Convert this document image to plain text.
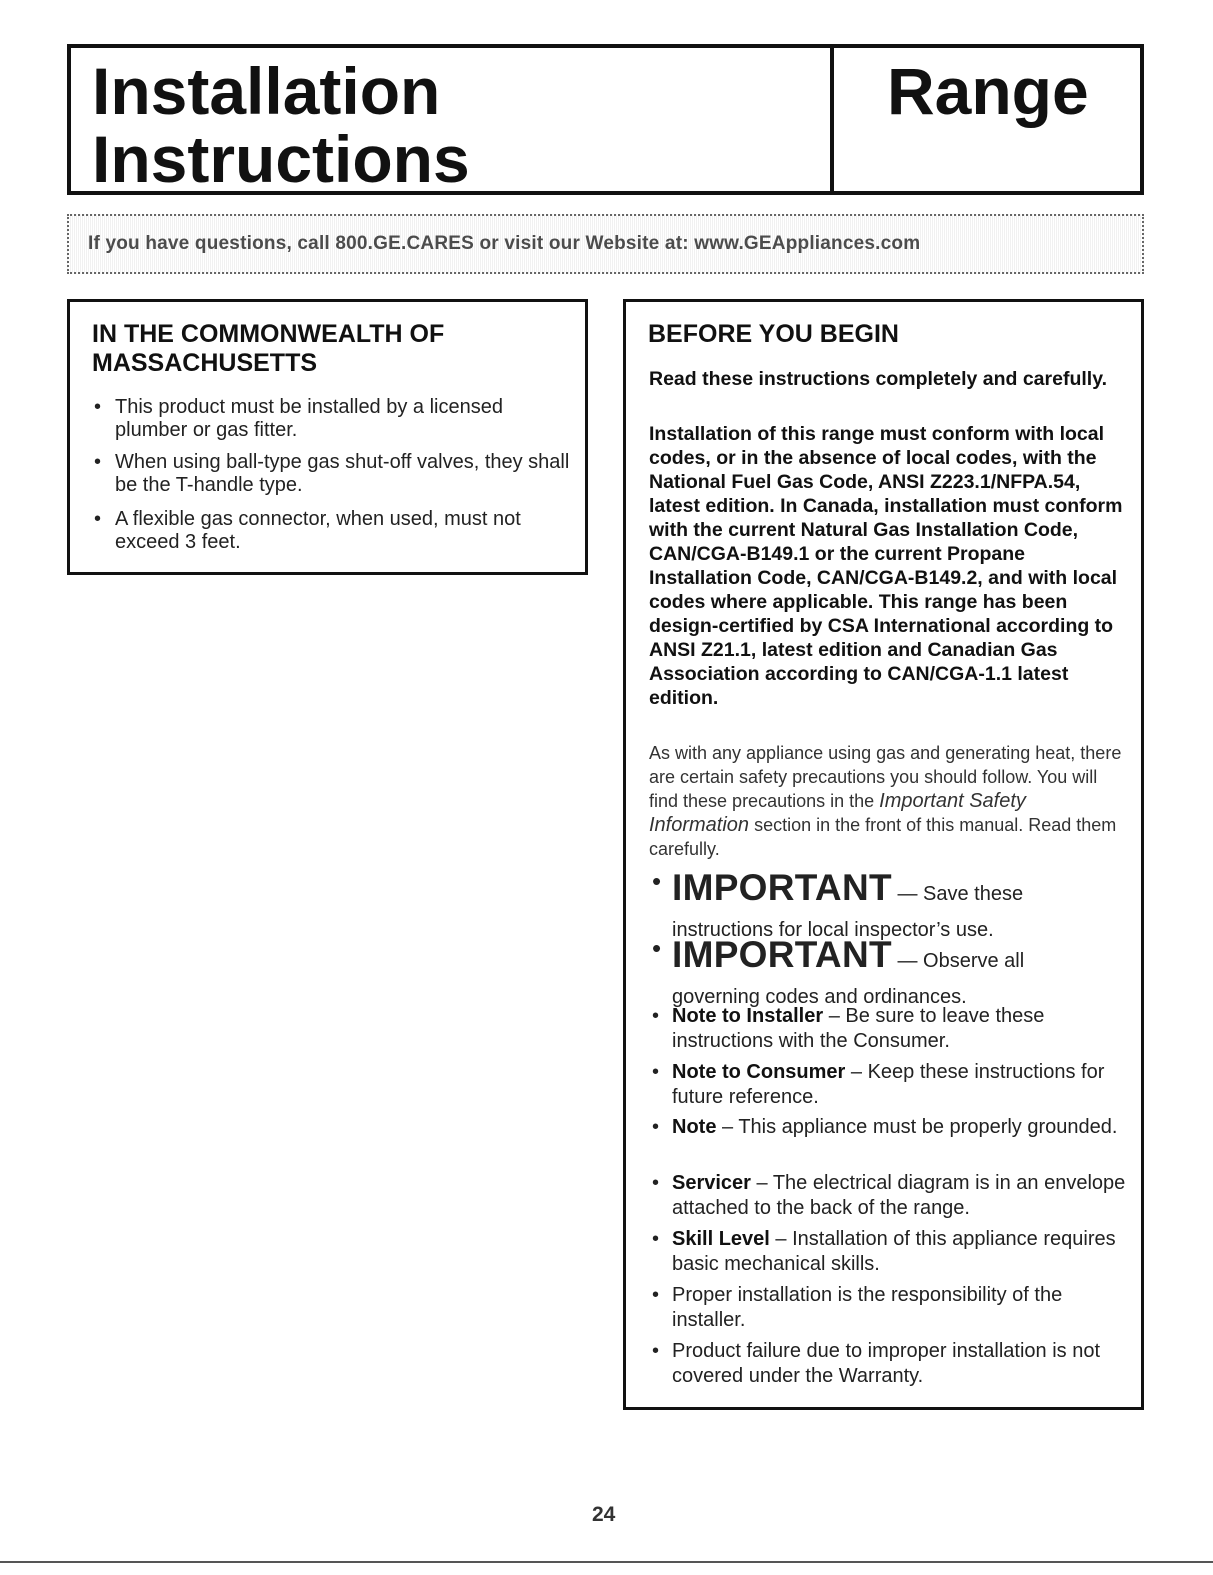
Installation
Instructions
Range
If you have questions, call 800.GE.CARES or visit our Website at: www.GEAppliances.com
IN THE COMMONWEALTH OF MASSACHUSETTS
• This product must be installed by a licensed plumber or gas fitter.
• When using ball-type gas shut-off valves, they shall be the T-handle type.
• A flexible gas connector, when used, must not exceed 3 feet.
BEFORE YOU BEGIN
Read these instructions completely and carefully.
Installation of this range must conform with local codes, or in the absence of local codes, with the National Fuel Gas Code, ANSI Z223.1/NFPA.54, latest edition. In Canada, installation must conform with the current Natural Gas Installation Code, CAN/CGA-B149.1 or the current Propane Installation Code, CAN/CGA-B149.2, and with local codes where applicable. This range has been design-certified by CSA International according to ANSI Z21.1, latest edition and Canadian Gas Association according to CAN/CGA-1.1 latest edition.
As with any appliance using gas and generating heat, there are certain safety precautions you should follow. You will find these precautions in the Important Safety Information section in the front of this manual. Read them carefully.
• IMPORTANT — Save these
instructions for local inspector’s use.
• IMPORTANT — Observe all
governing codes and ordinances.
• Note to Installer – Be sure to leave these instructions with the Consumer.
• Note to Consumer – Keep these instructions for future reference.
• Note – This appliance must be properly grounded.
• Servicer – The electrical diagram is in an envelope attached to the back of the range.
• Skill Level – Installation of this appliance requires basic mechanical skills.
• Proper installation is the responsibility of the installer.
• Product failure due to improper installation is not covered under the Warranty.
24
